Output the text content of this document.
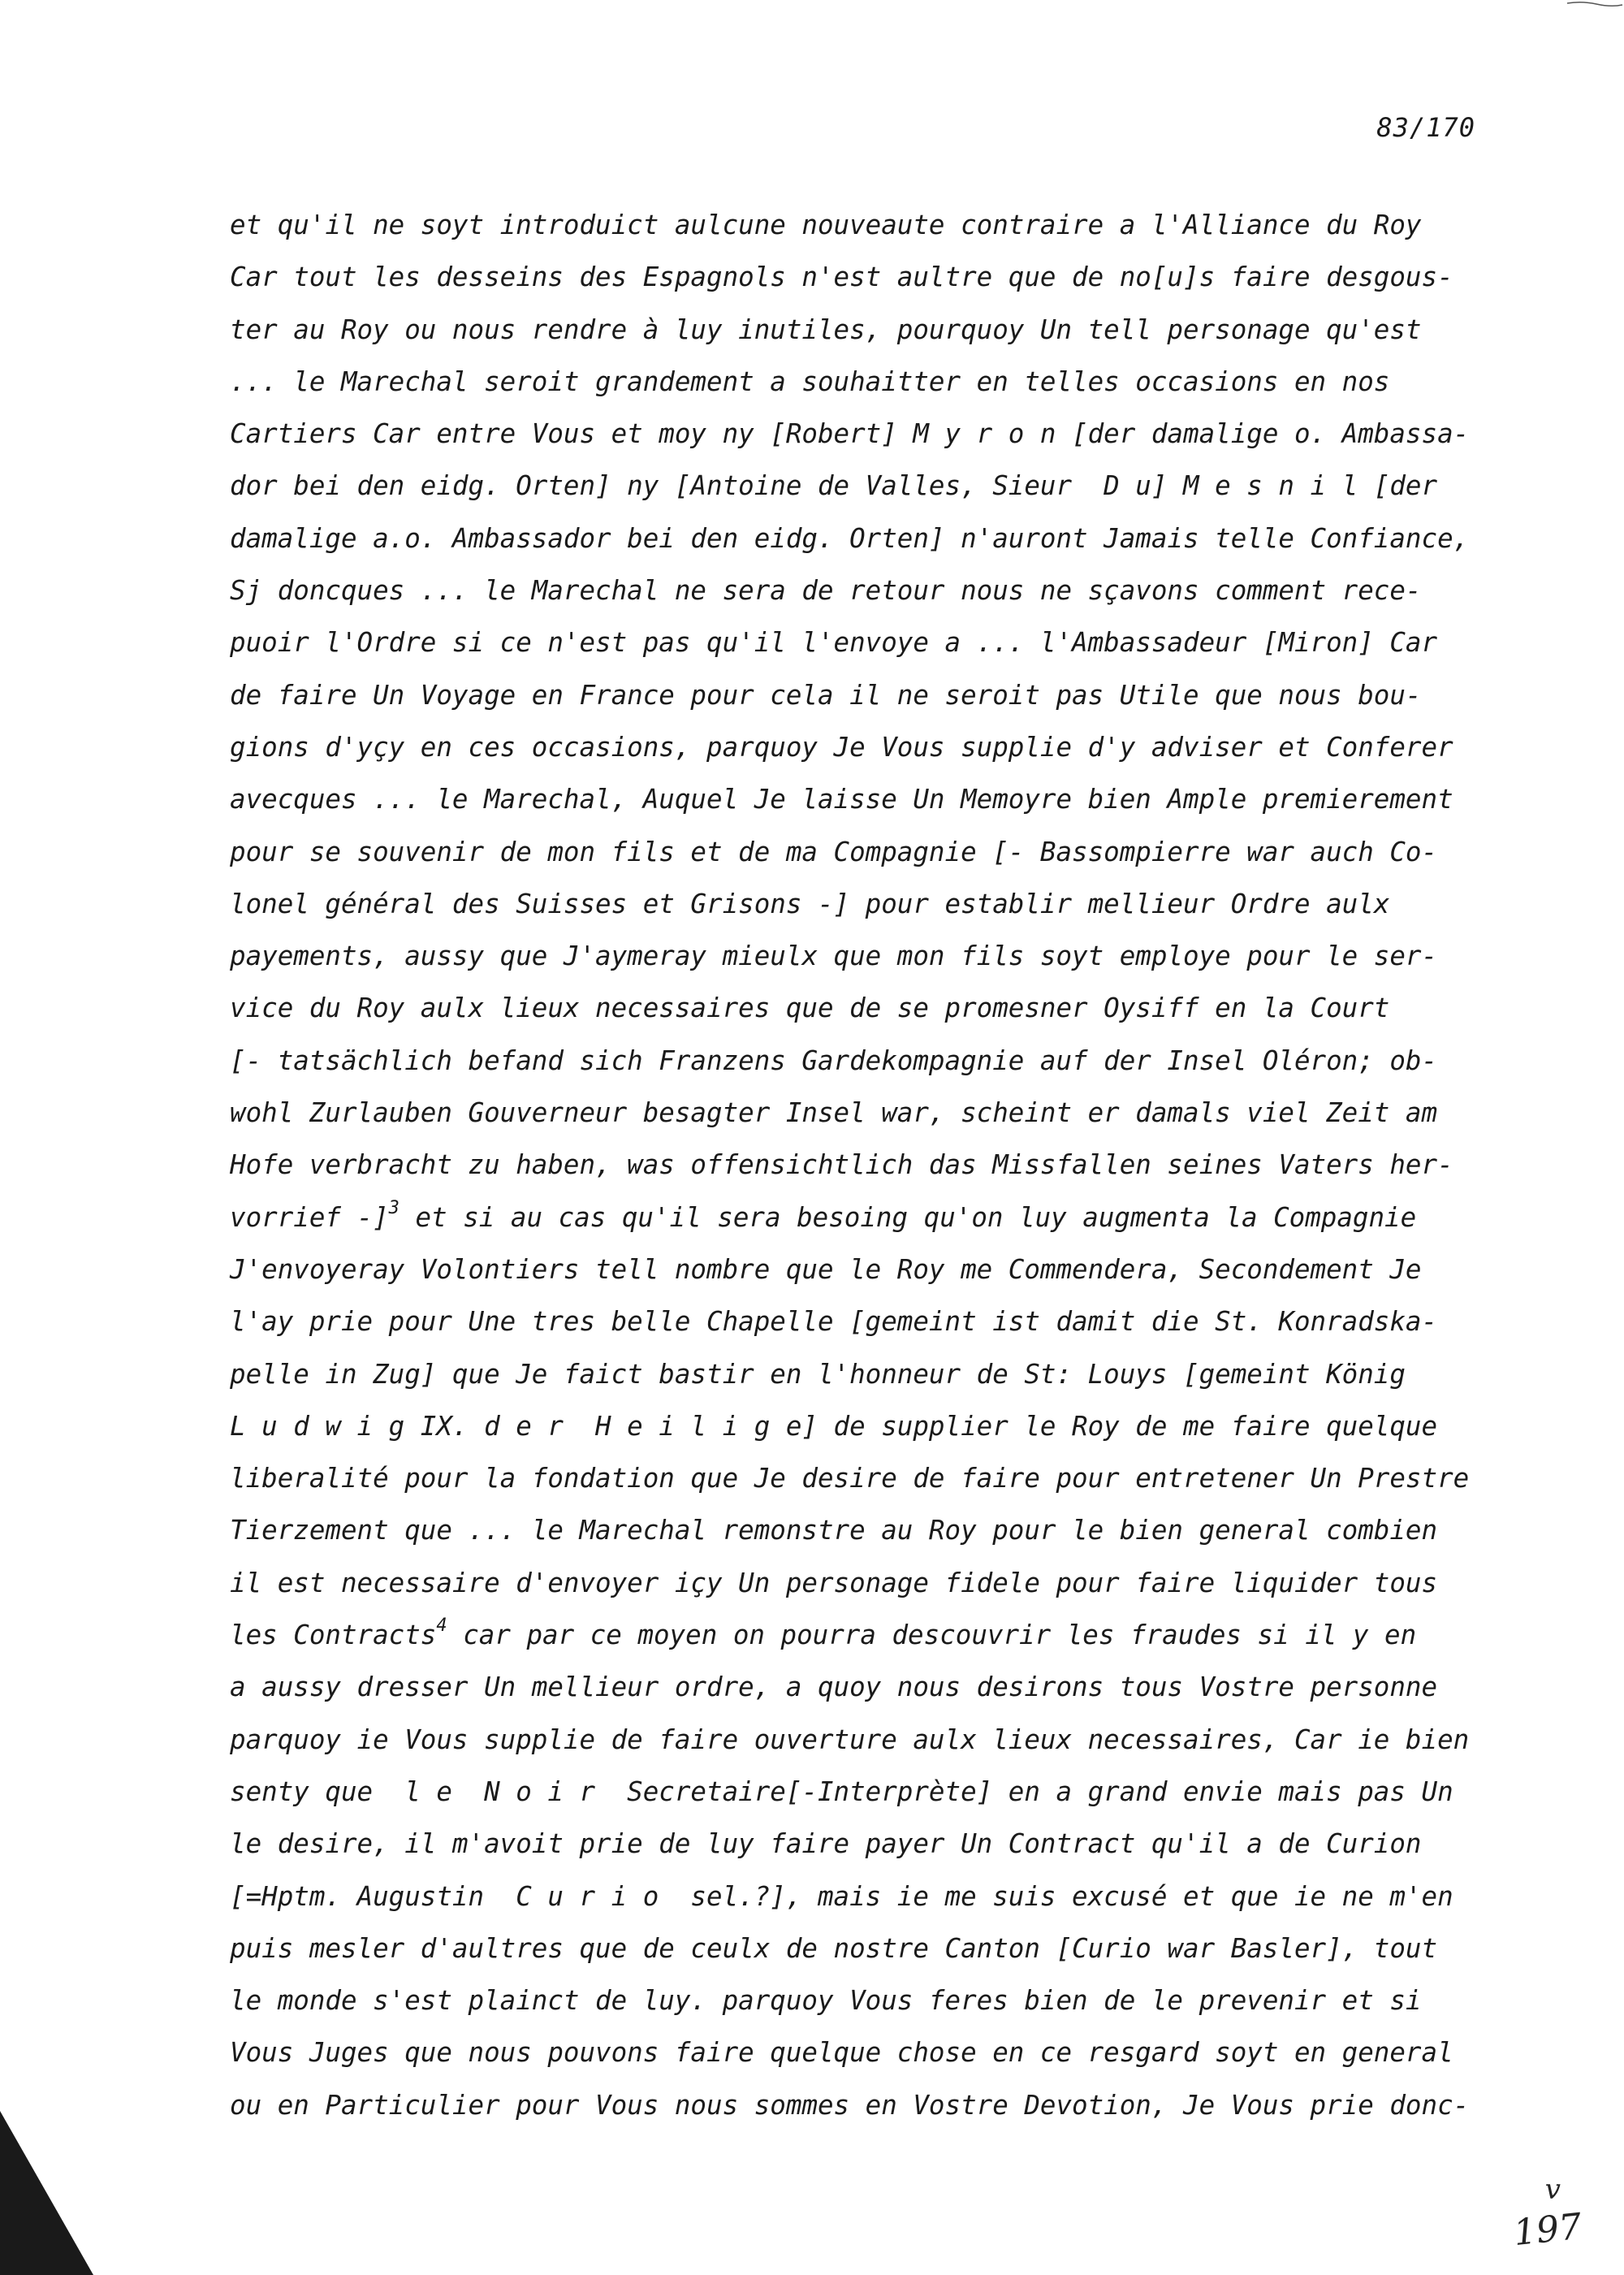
83/170
et qu'il ne soyt introduict aulcune nouveaute contraire a l'Alliance du Roy
Car tout les desseins des Espagnols n'est aultre que de no[u]s faire desgous-
ter au Roy ou nous rendre à luy inutiles, pourquoy Un tell personage qu'est
... le Marechal seroit grandement a souhaitter en telles occasions en nos
Cartiers Car entre Vous et moy ny [Robert] M y r o n [der damalige o. Ambassa-
dor bei den eidg. Orten] ny [Antoine de Valles, Sieur  D u] M e s n i l [der
damalige a.o. Ambassador bei den eidg. Orten] n'auront Jamais telle Confiance,
Sj doncques ... le Marechal ne sera de retour nous ne sçavons comment rece-
puoir l'Ordre si ce n'est pas qu'il l'envoye a ... l'Ambassadeur [Miron] Car
de faire Un Voyage en France pour cela il ne seroit pas Utile que nous bou-
gions d'yçy en ces occasions, parquoy Je Vous supplie d'y adviser et Conferer
avecques ... le Marechal, Auquel Je laisse Un Memoyre bien Ample premierement
pour se souvenir de mon fils et de ma Compagnie [- Bassompierre war auch Co-
lonel général des Suisses et Grisons -] pour establir mellieur Ordre aulx
payements, aussy que J'aymeray mieulx que mon fils soyt employe pour le ser-
vice du Roy aulx lieux necessaires que de se promesner Oysiff en la Court
[- tatsächlich befand sich Franzens Gardekompagnie auf der Insel Oléron; ob-
wohl Zurlauben Gouverneur besagter Insel war, scheint er damals viel Zeit am
Hofe verbracht zu haben, was offensichtlich das Missfallen seines Vaters her-
vorrief -]$^3$ et si au cas qu'il sera besoing qu'on luy augmenta la Compagnie
J'envoyeray Volontiers tell nombre que le Roy me Commendera, Secondement Je
l'ay prie pour Une tres belle Chapelle [gemeint ist damit die St. Konradska-
pelle in Zug] que Je faict bastir en l'honneur de St: Louys [gemeint König
L u d w i g IX. d e r  H e i l i g e] de supplier le Roy de me faire quelque
liberalité pour la fondation que Je desire de faire pour entretener Un Prestre
Tierzement que ... le Marechal remonstre au Roy pour le bien general combien
il est necessaire d'envoyer içy Un personage fidele pour faire liquider tous
les Contracts$^4$ car par ce moyen on pourra descouvrir les fraudes si il y en
a aussy dresser Un mellieur ordre, a quoy nous desirons tous Vostre personne
parquoy ie Vous supplie de faire ouverture aulx lieux necessaires, Car ie bien
senty que  l e  N o i r  Secretaire[-Interprète] en a grand envie mais pas Un
le desire, il m'avoit prie de luy faire payer Un Contract qu'il a de Curion
[=Hptm. Augustin  C u r i o  sel.?], mais ie me suis excusé et que ie ne m'en
puis mesler d'aultres que de ceulx de nostre Canton [Curio war Basler], tout
le monde s'est plainct de luy. parquoy Vous feres bien de le prevenir et si
Vous Juges que nous pouvons faire quelque chose en ce resgard soyt en general
ou en Particulier pour Vous nous sommes en Vostre Devotion, Je Vous prie donc-
v
197
